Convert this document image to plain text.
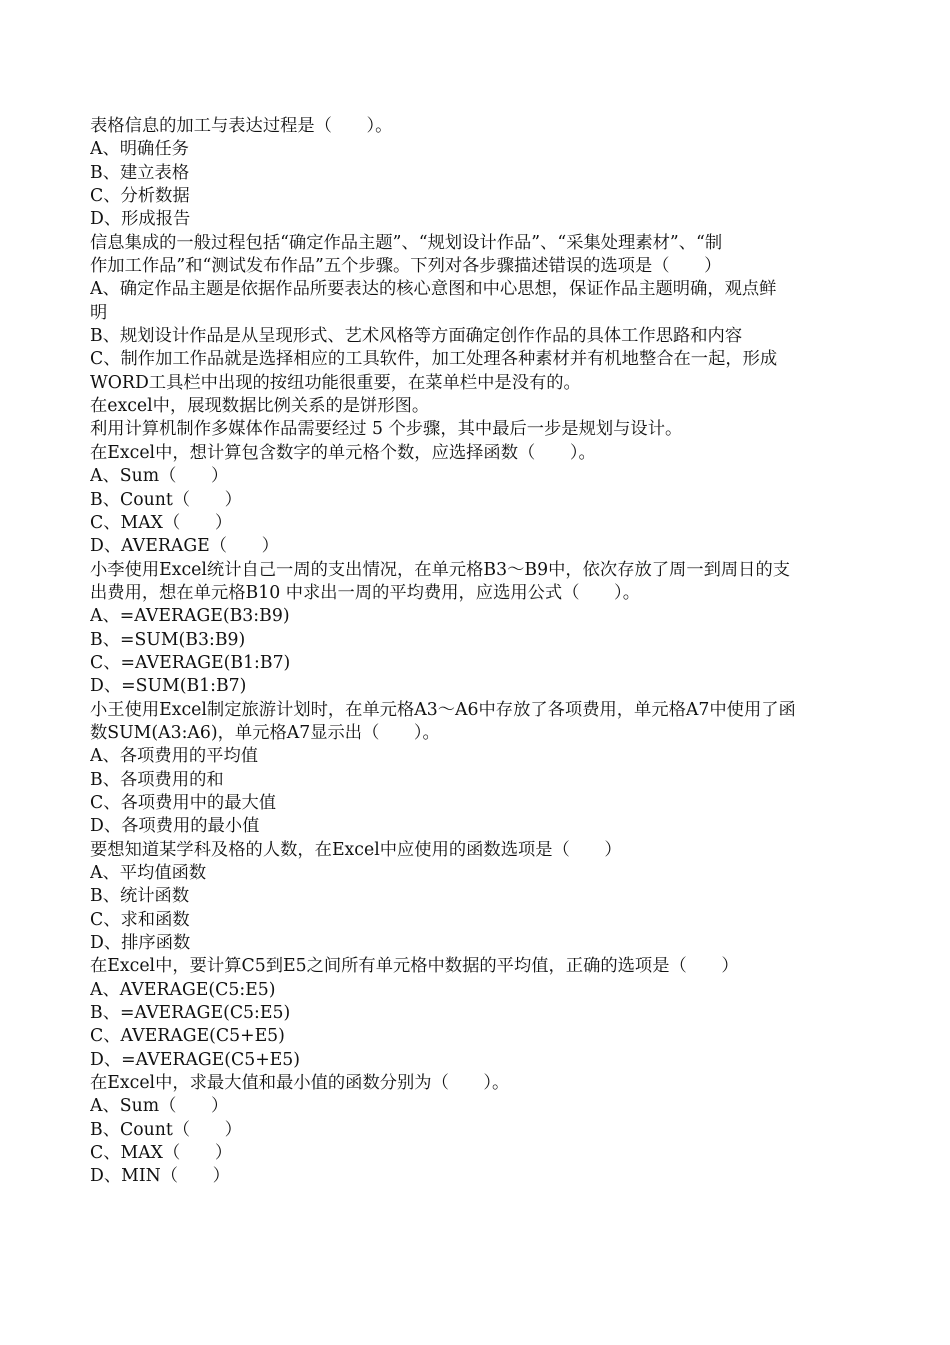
表格信息的加工与表达过程是（　　）。
A、明确任务
B、建立表格
C、分析数据
D、形成报告
信息集成的一般过程包括“确定作品主题”、“规划设计作品”、“采集处理素材”、“制
作加工作品”和“测试发布作品”五个步骤。下列对各步骤描述错误的选项是（　　）
A、确定作品主题是依据作品所要表达的核心意图和中心思想，保证作品主题明确，观点鲜
明
B、规划设计作品是从呈现形式、艺术风格等方面确定创作作品的具体工作思路和内容
C、制作加工作品就是选择相应的工具软件，加工处理各种素材并有机地整合在一起，形成
WORD工具栏中出现的按纽功能很重要，在菜单栏中是没有的。
在excel中，展现数据比例关系的是饼形图。
利用计算机制作多媒体作品需要经过 5 个步骤，其中最后一步是规划与设计。
在Excel中，想计算包含数字的单元格个数，应选择函数（　　）。
A、Sum（　　）
B、Count（　　）
C、MAX（　　）
D、AVERAGE（　　）
小李使用Excel统计自己一周的支出情况，在单元格B3～B9中，依次存放了周一到周日的支
出费用，想在单元格B10 中求出一周的平均费用，应选用公式（　　）。
A、=AVERAGE(B3:B9)
B、=SUM(B3:B9)
C、=AVERAGE(B1:B7)
D、=SUM(B1:B7)
小王使用Excel制定旅游计划时，在单元格A3～A6中存放了各项费用，单元格A7中使用了函
数SUM(A3:A6)，单元格A7显示出（　　）。
A、各项费用的平均值
B、各项费用的和
C、各项费用中的最大值
D、各项费用的最小值
要想知道某学科及格的人数，在Excel中应使用的函数选项是（　　）
A、平均值函数
B、统计函数
C、求和函数
D、排序函数
在Excel中，要计算C5到E5之间所有单元格中数据的平均值，正确的选项是（　　）
A、AVERAGE(C5:E5)
B、=AVERAGE(C5:E5)
C、AVERAGE(C5+E5)
D、=AVERAGE(C5+E5)
在Excel中，求最大值和最小值的函数分别为（　　）。
A、Sum（　　）
B、Count（　　）
C、MAX（　　）
D、MIN（　　）
